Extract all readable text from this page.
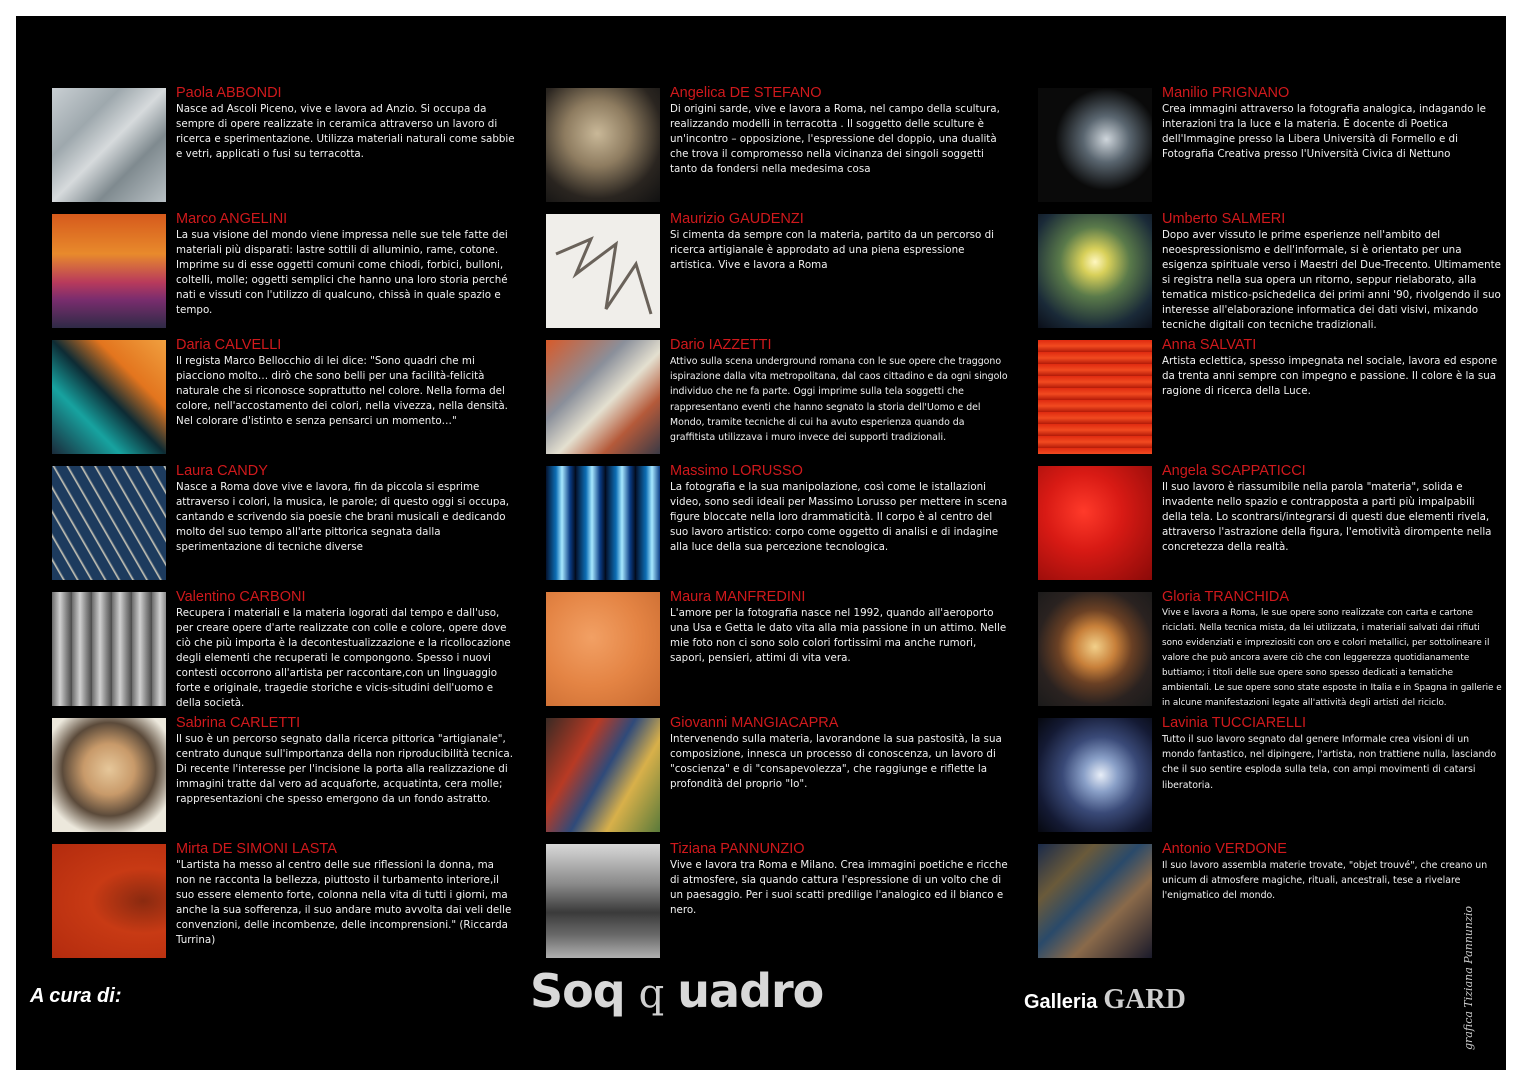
Paola ABBONDI

Nasce ad Ascoli Piceno, vive e lavora ad Anzio. Si occupa da sempre di opere realizzate in ceramica attraverso un lavoro di ricerca e sperimentazione. Utilizza materiali naturali come sabbie e vetri, applicati o fusi su terracotta.

Marco ANGELINI

La sua visione del mondo viene impressa nelle sue tele fatte dei materiali più disparati: lastre sottili di alluminio, rame, cotone. Imprime su di esse oggetti comuni come chiodi, forbici, bulloni, coltelli, molle; oggetti semplici che hanno una loro storia perché nati e vissuti con l'utilizzo di qualcuno, chissà in quale spazio e tempo.

Daria CALVELLI

Il regista Marco Bellocchio di lei dice: "Sono quadri che mi piacciono molto… dirò che sono belli per una facilità-felicità naturale che si riconosce soprattutto nel colore. Nella forma del colore, nell'accostamento dei colori, nella vivezza, nella densità. Nel colorare d'istinto e senza pensarci un momento…"

Laura CANDY

Nasce a Roma dove vive e lavora, fin da piccola si esprime attraverso i colori, la musica, le parole; di questo oggi si occupa, cantando e scrivendo sia poesie che brani musicali e dedicando molto del suo tempo all'arte pittorica segnata dalla sperimentazione di tecniche diverse

Valentino CARBONI

Recupera i materiali e la materia logorati dal tempo e dall'uso, per creare opere d'arte realizzate con colle e colore, opere dove ciò che più importa è la decontestualizzazione e la ricollocazione degli elementi che recuperati le compongono. Spesso i nuovi contesti occorrono all'artista per raccontare,con un linguaggio forte e originale, tragedie storiche e vicis-situdini dell'uomo e della società.

Sabrina CARLETTI

Il suo è un percorso segnato dalla ricerca pittorica "artigianale", centrato dunque sull'importanza della non riproducibilità tecnica. Di recente l'interesse per l'incisione la porta alla realizzazione di immagini tratte dal vero ad acquaforte, acquatinta, cera molle; rappresentazioni che spesso emergono da un fondo astratto.

Mirta DE SIMONI LASTA

"Lartista ha messo al centro delle sue riflessioni la donna, ma non ne racconta la bellezza, piuttosto il turbamento interiore,il suo essere elemento forte, colonna nella vita di tutti i giorni, ma anche la sua sofferenza, il suo andare muto avvolta dai veli delle convenzioni, delle incombenze, delle incomprensioni." (Riccarda Turrina)

Angelica DE STEFANO

Di origini sarde, vive e lavora a Roma, nel campo della scultura, realizzando modelli in terracotta . Il soggetto delle sculture è un'incontro – opposizione, l'espressione del doppio, una dualità che trova il compromesso nella vicinanza dei singoli soggetti tanto da fondersi nella medesima cosa

Maurizio GAUDENZI

Si cimenta da sempre con la materia, partito da un percorso di ricerca artigianale è approdato ad una piena espressione artistica. Vive e lavora a Roma

Dario IAZZETTI

Attivo sulla scena underground romana con le sue opere che traggono ispirazione dalla vita metropolitana, dal caos cittadino e da ogni singolo individuo che ne fa parte. Oggi imprime sulla tela soggetti che rappresentano eventi che hanno segnato la storia dell'Uomo e del Mondo, tramite tecniche di cui ha avuto esperienza quando da graffitista utilizzava i muro invece dei supporti tradizionali.

Massimo LORUSSO

La fotografia e la sua manipolazione, così come le istallazioni video, sono sedi ideali per Massimo Lorusso per mettere in scena figure bloccate nella loro drammaticità. Il corpo è al centro del suo lavoro artistico: corpo come oggetto di analisi e di indagine alla luce della sua percezione tecnologica.

Maura MANFREDINI

L'amore per la fotografia nasce nel 1992, quando all'aeroporto una Usa e Getta le dato vita alla mia passione in un attimo. Nelle mie foto non ci sono solo colori fortissimi ma anche rumori, sapori, pensieri, attimi di vita vera.

Giovanni MANGIACAPRA

Intervenendo sulla materia, lavorandone la sua pastosità, la sua composizione, innesca un processo di conoscenza, un lavoro di "coscienza" e di "consapevolezza", che raggiunge e riflette la profondità del proprio "Io".

Tiziana PANNUNZIO

Vive e lavora tra Roma e Milano. Crea immagini poetiche e ricche di atmosfere, sia quando cattura l'espressione di un volto che di un paesaggio. Per i suoi scatti predilige l'analogico ed il bianco e nero.

Manilio PRIGNANO

Crea immagini attraverso la fotografia analogica, indagando le interazioni tra la luce e la materia. È docente di Poetica dell'Immagine presso la Libera Università di Formello e di Fotografia Creativa presso l'Università Civica di Nettuno

Umberto SALMERI

Dopo aver vissuto le prime esperienze nell'ambito del neoespressionismo e dell'informale, si è orientato per una esigenza spirituale verso i Maestri del Due-Trecento. Ultimamente si registra nella sua opera un ritorno, seppur rielaborato, alla tematica mistico-psichedelica dei primi anni '90, rivolgendo il suo interesse all'elaborazione informatica dei dati visivi, mixando tecniche digitali con tecniche tradizionali.

Anna SALVATI

Artista eclettica, spesso impegnata nel sociale, lavora ed espone da trenta anni sempre con impegno e passione. Il colore è la sua ragione di ricerca della Luce.

Angela SCAPPATICCI

Il suo lavoro è riassumibile nella parola "materia", solida e invadente nello spazio e contrapposta a parti più impalpabili della tela. Lo scontrarsi/integrarsi di questi due elementi rivela, attraverso l'astrazione della figura, l'emotività dirompente nella concretezza della realtà.

Gloria TRANCHIDA

Vive e lavora a Roma, le sue opere sono realizzate con carta e cartone riciclati. Nella tecnica mista, da lei utilizzata, i materiali salvati dai rifiuti sono evidenziati e impreziositi con oro e colori metallici, per sottolineare il valore che può ancora avere ciò che con leggerezza quotidianamente buttiamo; i titoli delle sue opere sono spesso dedicati a tematiche ambientali. Le sue opere sono state esposte in Italia e in Spagna in gallerie e in alcune manifestazioni legate all'attività degli artisti del riciclo.

Lavinia TUCCIARELLI

Tutto il suo lavoro segnato dal genere Informale crea visioni di un mondo fantastico, nel dipingere, l'artista, non trattiene nulla, lasciando che il suo sentire esploda sulla tela, con ampi movimenti di catarsi liberatoria.

Antonio VERDONE

Il suo lavoro assembla materie trovate, "objet trouvé", che creano un unicum di atmosfere magiche, rituali, ancestrali, tese a rivelare l'enigmatico del mondo.

A cura di:	Soq q uadro	Galleria GARD	grafica Tiziana Pannunzio
